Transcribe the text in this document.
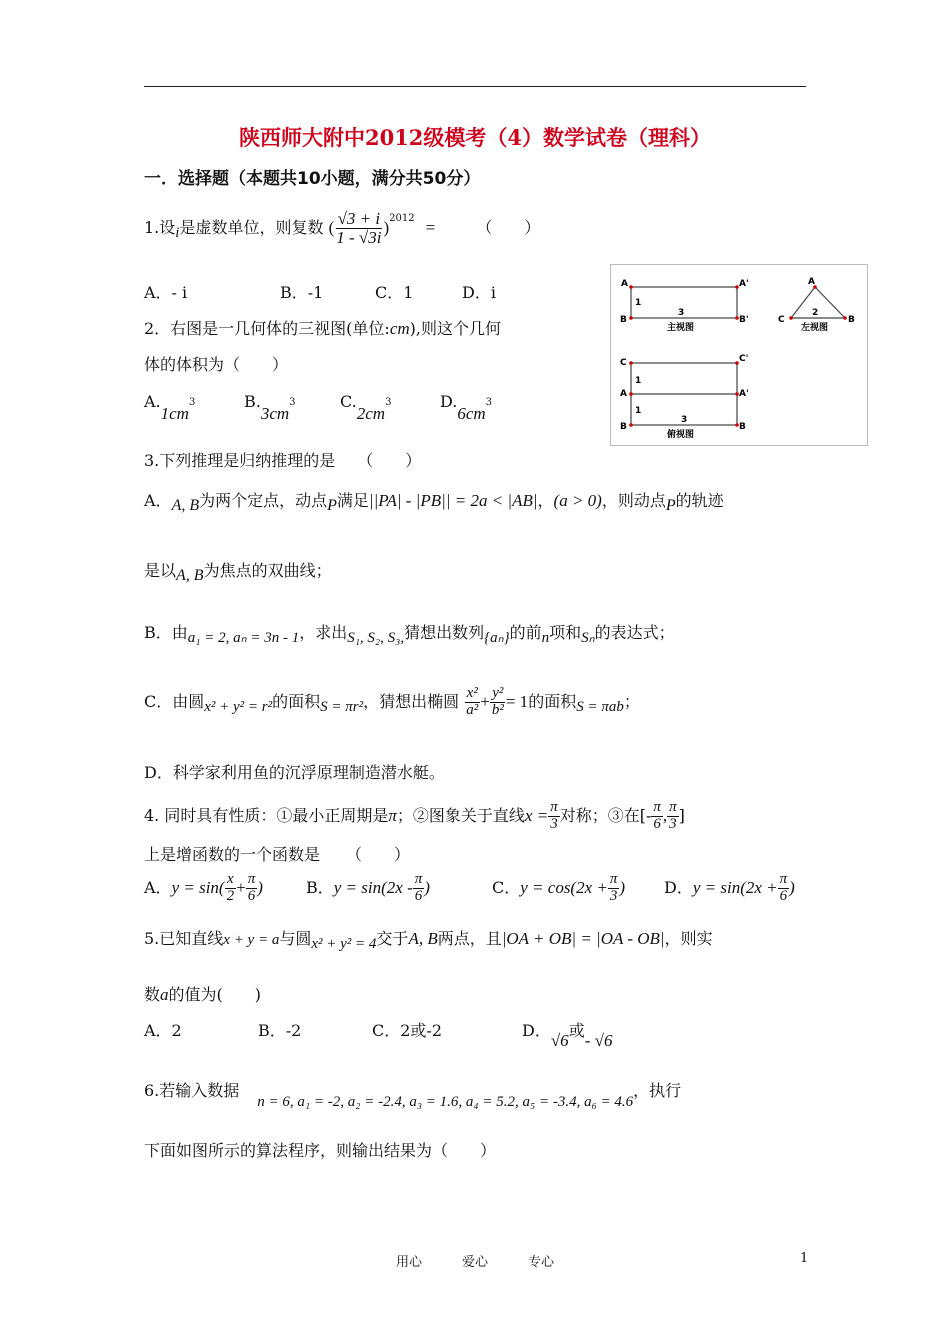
陕西师大附中2012级模考（4）数学试卷（理科）
一．选择题（本题共10小题，满分共50分）
1.设$_i$是虚数单位，则复数 ( $\frac{√3 + i}{1 - √3i} )^{2012}$ =	（　　）
A．- i	B．-1	C．1	D．i
2．右图是一几何体的三视图(单位:cm),则这个几何
体的体积为（　　）
$A.1cm^3$	$B.3cm^3$	$C.2cm^3$	$D.6cm^3$
A	A'
B	B'
1
3
主视图
A
C	B
2
左视图
C	C'
A	A'
B	B
1
1
3
俯视图
3.下列推理是归纳推理的是 （　　）
A．$_{A, B}$为两个定点，动点$_P$满足||PA| - |PB|| = 2a < |AB|，(a > 0)，则动点$_P$的轨迹
是以$_{A, B}$为焦点的双曲线；
B．由$_{a_1 = 2, a_n = 3n - 1}$，求出$_{S_1, S_2, S_3,}$猜想出数列$_{\{a_n\}}$的前$_n$项和$_{S_n}$的表达式；
C．由圆$_{x^2 + y^2 = r^2}$的面积$_{S = \pi r^2}$，猜想出椭圆 $\frac{\text{x²}}{\text{a²}} + \frac{\text{y²}}{\text{b²}} = 1$的面积$_{S = \pi ab}$；
D．科学家利用鱼的沉浮原理制造潜水艇。
4. 同时具有性质：①最小正周期是π；②图象关于直线$x = \frac{\pi}{3}$ 对称；③在[- $\frac{\pi}{6}$ , $\frac{\pi}{3}$ ]
上是增函数的一个函数是 （　　）
A．$y = \sin( \frac{x}{2} + \frac{\pi}{6}$ )	B．$y = \sin(2x - \frac{\pi}{6}$ )	C．$y = \cos(2x + \frac{\pi}{3}$ ) D．$y = \sin(2x + \frac{\pi}{6}$ )
5.已知直线x + y = a与圆$_{x^2 + y^2 = 4}$交于A, B两点，且|OA + OB| = |OA - OB|，则实
数a的值为(　　)
A．2	B．-2	C．2或-2	D．√6或- √6
6.若输入数据n = 6, a₁ = -2, a₂ = -2.4, a₃ = 1.6, a₄ = 5.2, a₅ = -3.4, a₆ = 4.6，执行
下面如图所示的算法程序，则输出结果为（　　）
用心	爱心	专心	1
